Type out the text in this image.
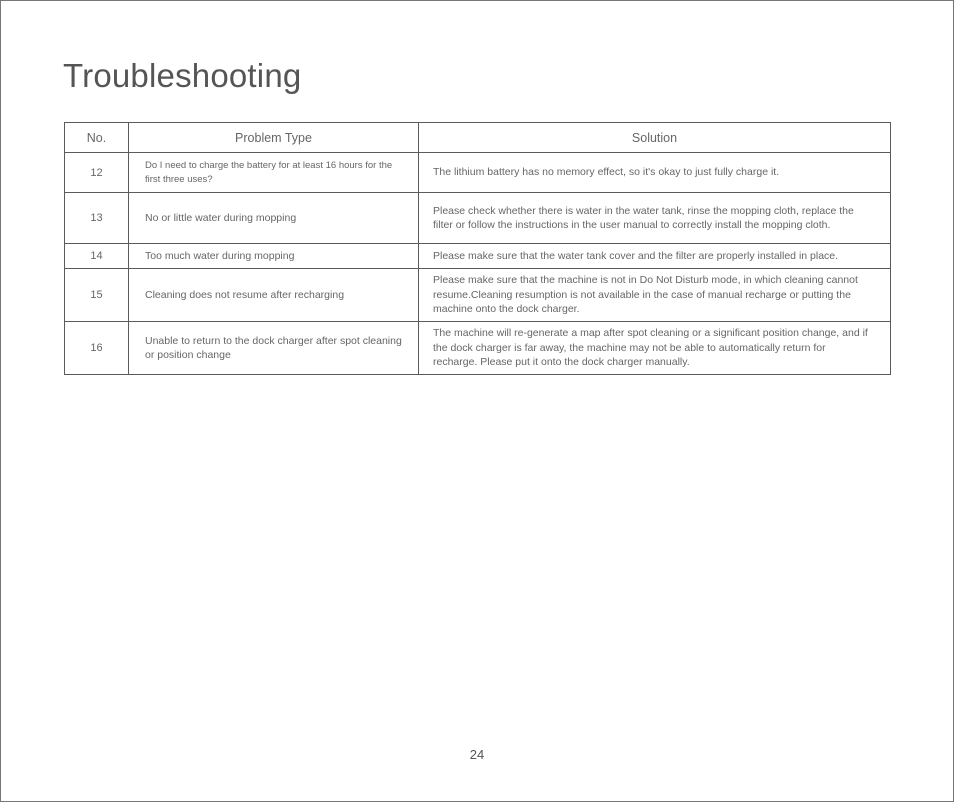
Troubleshooting
No.	Problem Type	Solution
12	Do I need to charge the battery for at least 16 hours for the first three uses?	The lithium battery has no memory effect, so it's okay to just fully charge it.
13	No or little water during mopping	Please check whether there is water in the water tank, rinse the mopping cloth, replace the filter or follow the instructions in the user manual to correctly install the mopping cloth.
14	Too much water during mopping	Please make sure that the water tank cover and the filter are properly installed in place.
15	Cleaning does not resume after recharging	Please make sure that the machine is not in Do Not Disturb mode, in which cleaning cannot resume.Cleaning resumption is not available in the case of manual recharge or putting the machine onto the dock charger.
16	Unable to return to the dock charger after spot cleaning or position change	The machine will re-generate a map after spot cleaning or a significant position change, and if the dock charger is far away, the machine may not be able to automatically return for recharge. Please put it onto the dock charger manually.
24
